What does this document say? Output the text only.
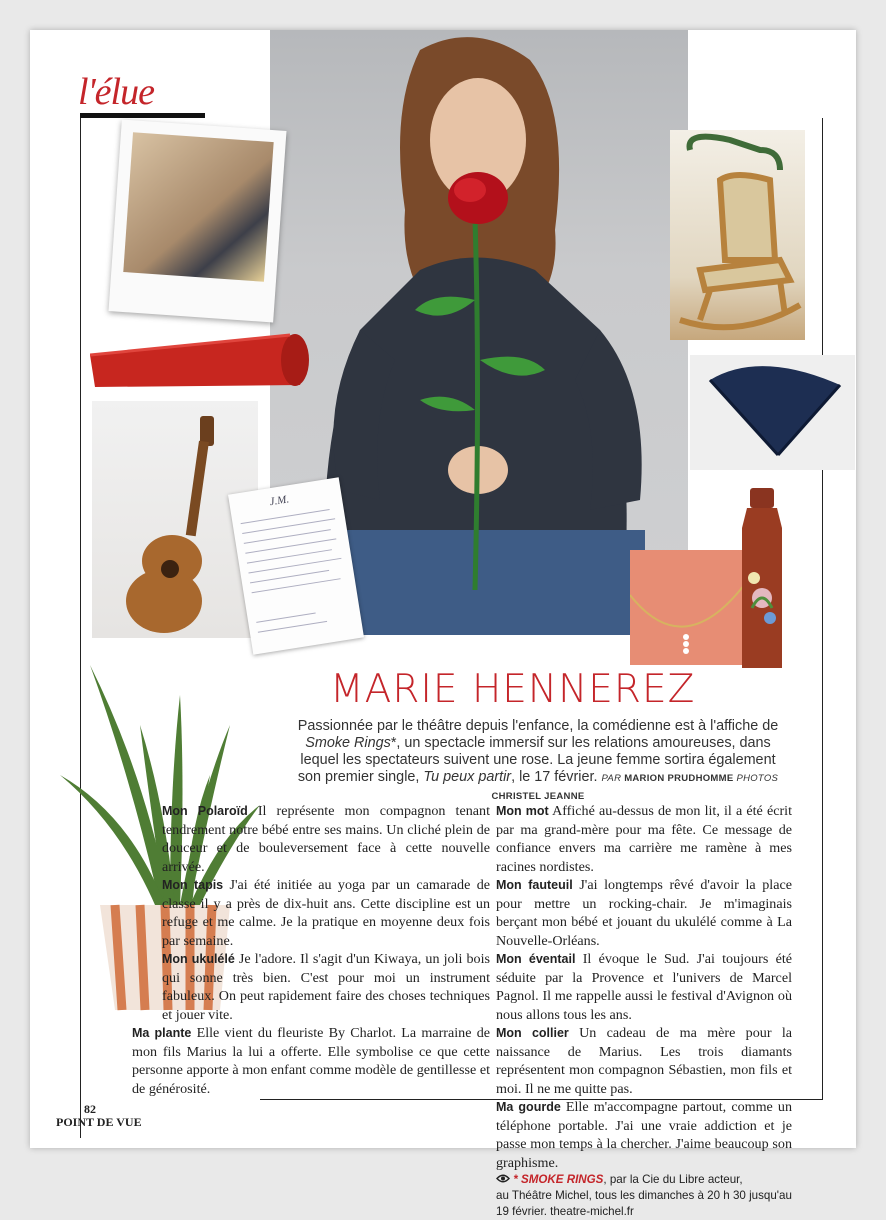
l'élue
J.M.
MARIE HENNEREZ
Passionnée par le théâtre depuis l'enfance, la comédienne est à l'affiche de Smoke Rings*, un spectacle immersif sur les relations amoureuses, dans lequel les spectateurs suivent une rose. La jeune femme sortira également son premier single, Tu peux partir, le 17 février. PAR MARION PRUDHOMME PHOTOS CHRISTEL JEANNE

Mon Polaroïd Il représente mon compagnon tenant tendrement notre bébé entre ses mains. Un cliché plein de douceur et de bouleversement face à cette nouvelle arrivée.

Mon tapis J'ai été initiée au yoga par un camarade de classe il y a près de dix-huit ans. Cette discipline est un refuge et me calme. Je la pratique en moyenne deux fois par semaine.

Mon ukulélé Je l'adore. Il s'agit d'un Kiwaya, un joli bois qui sonne très bien. C'est pour moi un instrument fabuleux. On peut rapidement faire des choses techniques et jouer vite.

Ma plante Elle vient du fleuriste By Charlot. La marraine de mon fils Marius la lui a offerte. Elle symbolise ce que cette personne apporte à mon enfant comme modèle de gentillesse et de générosité.

Mon mot Affiché au-dessus de mon lit, il a été écrit par ma grand-mère pour ma fête. Ce message de confiance envers ma carrière me ramène à mes racines nordistes.

Mon fauteuil J'ai longtemps rêvé d'avoir la place pour mettre un rocking-chair. Je m'imaginais berçant mon bébé et jouant du ukulélé comme à La Nouvelle-Orléans.

Mon éventail Il évoque le Sud. J'ai toujours été séduite par la Provence et l'univers de Marcel Pagnol. Il me rappelle aussi le festival d'Avignon où nous allons tous les ans.

Mon collier Un cadeau de ma mère pour la naissance de Marius. Les trois diamants représentent mon compagnon Sébastien, mon fils et moi. Il ne me quitte pas.

Ma gourde Elle m'accompagne partout, comme un téléphone portable. J'ai une vraie addiction et je passe mon temps à la chercher. J'aime beaucoup son graphisme.

* SMOKE RINGS, par la Cie du Libre acteur,
au Théâtre Michel, tous les dimanches à 20 h 30 jusqu'au
19 février. theatre-michel.fr
82
POINT DE VUE
